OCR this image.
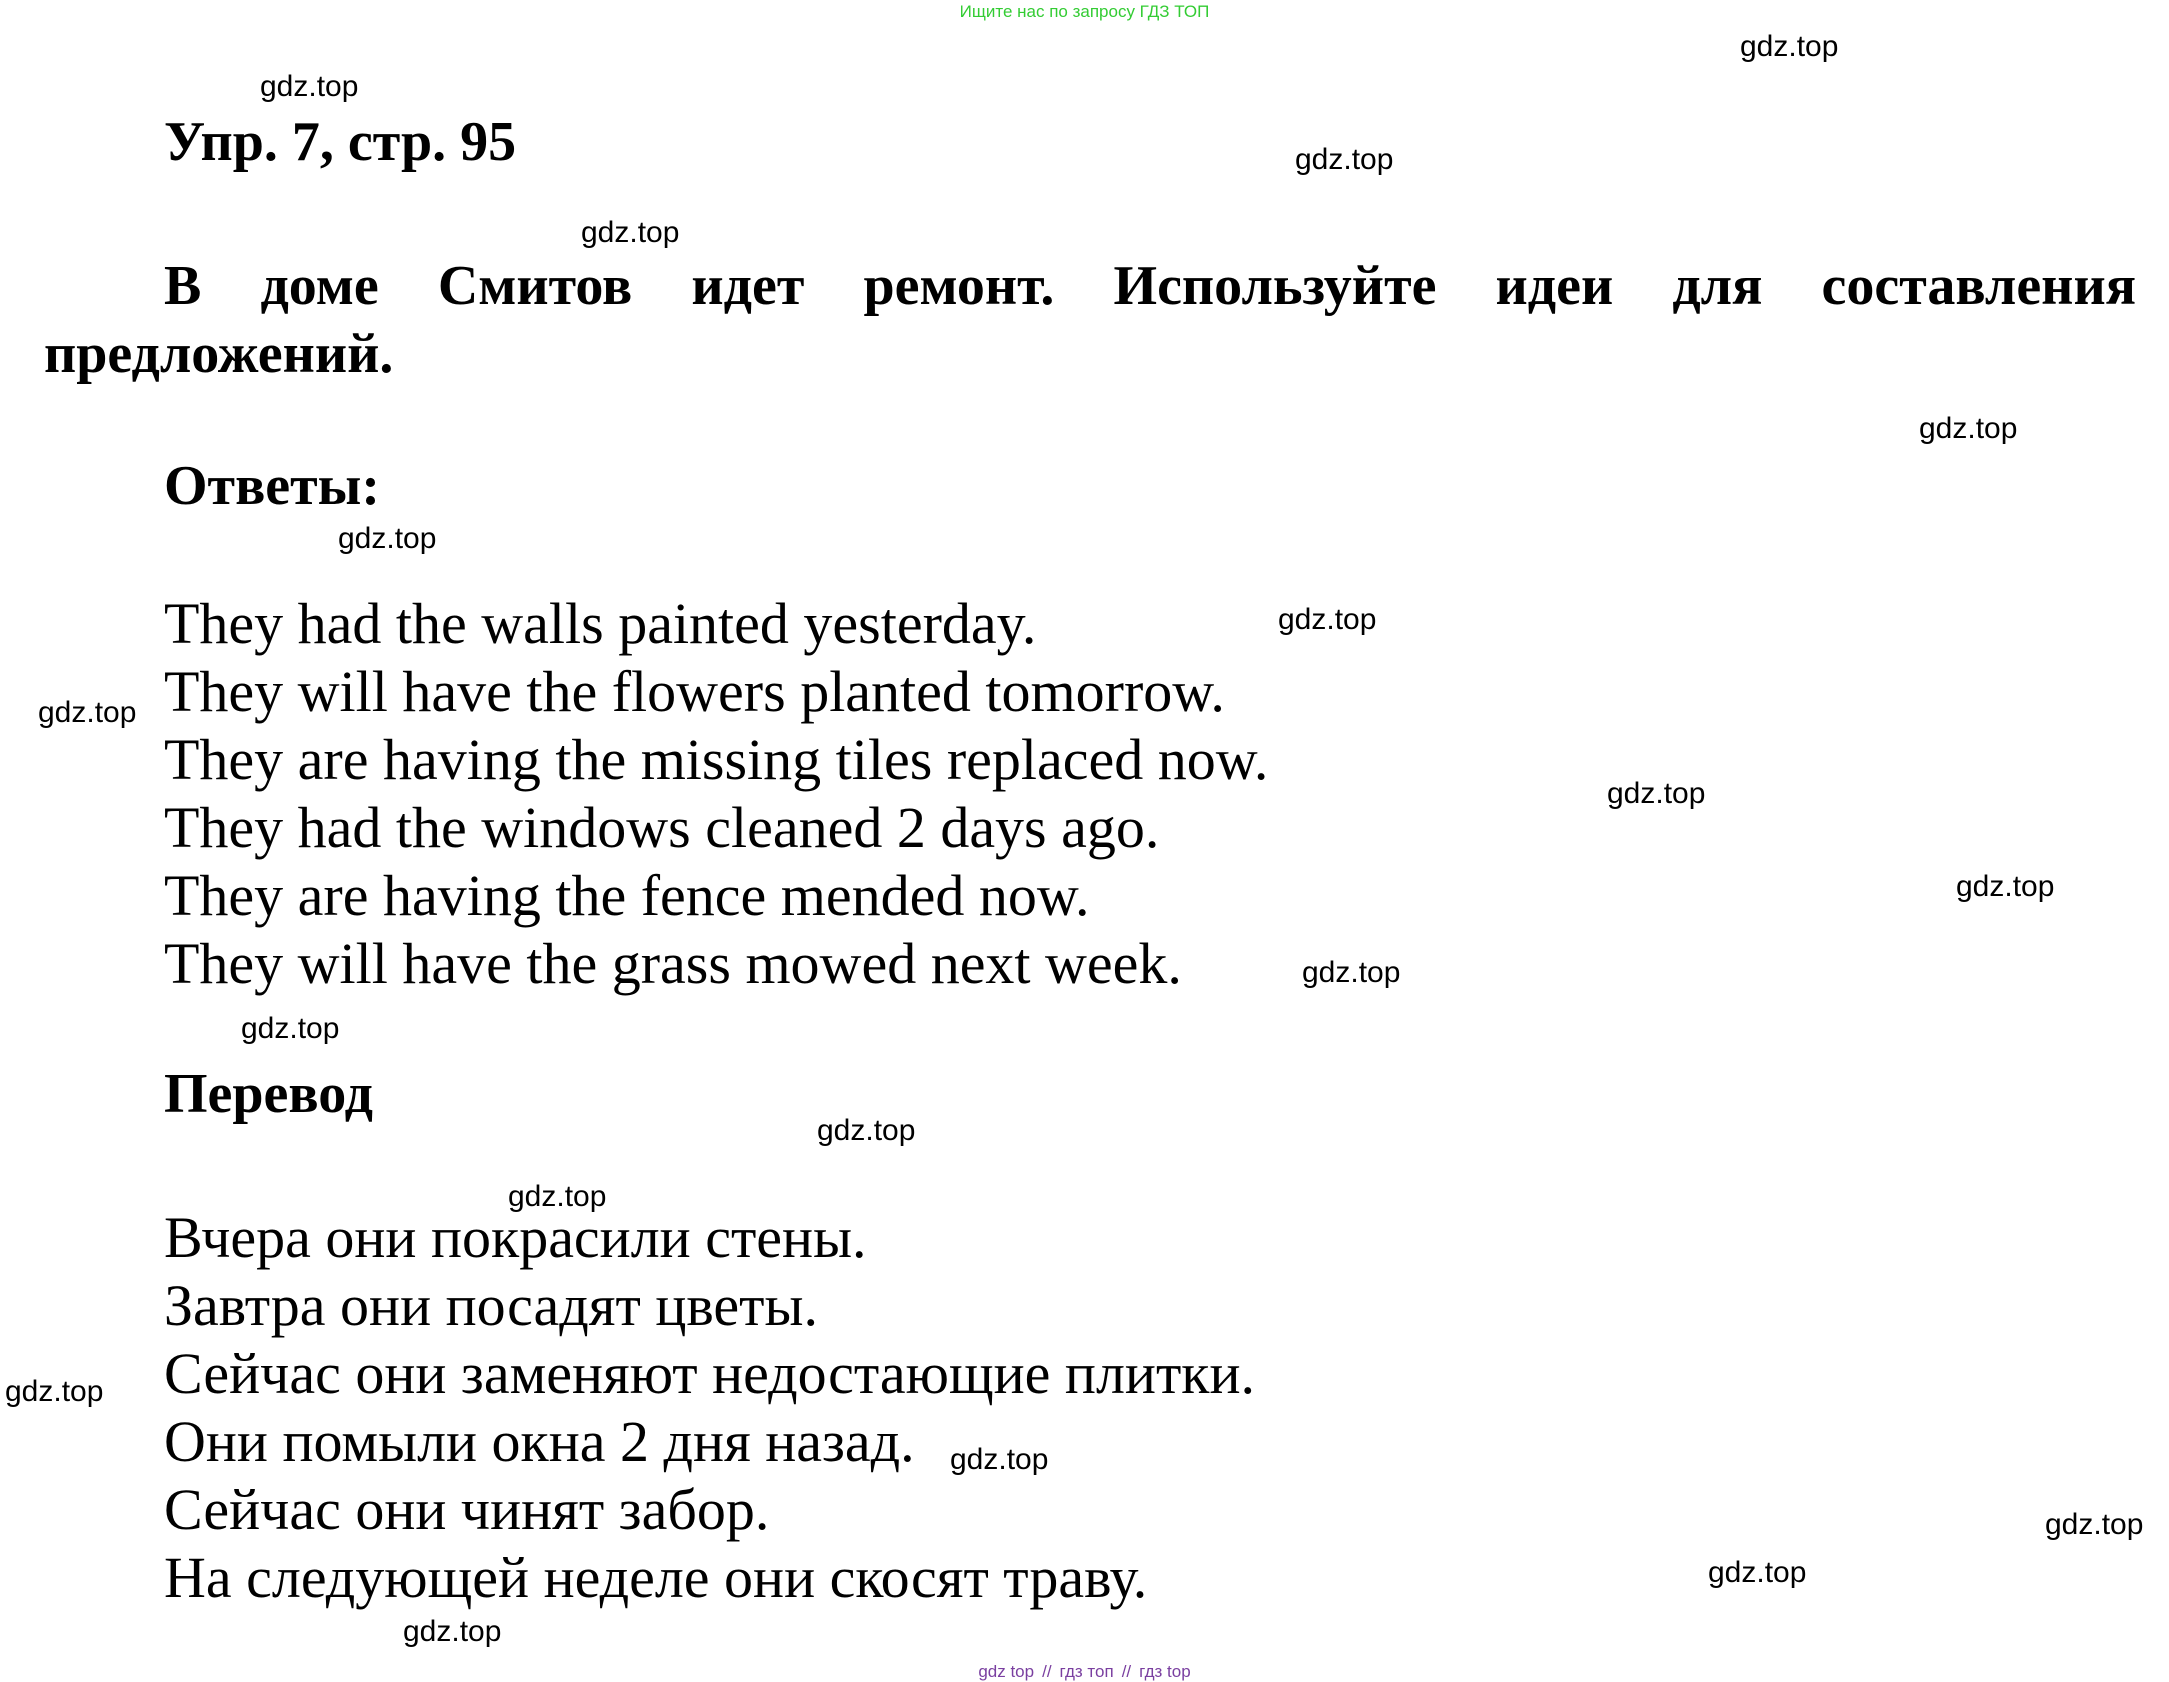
Ищите нас по запросу ГДЗ ТОП
Упр. 7, стр. 95
В доме Смитов идет ремонт. Используйте идеи для составления предложений.
Ответы:
They had the walls painted yesterday.
They will have the flowers planted tomorrow.
They are having the missing tiles replaced now.
They had the windows cleaned 2 days ago.
They are having the fence mended now.
They will have the grass mowed next week.
Перевод
Вчера они покрасили стены.
Завтра они посадят цветы.
Сейчас они заменяют недостающие плитки.
Они помыли окна 2 дня назад.
Сейчас они чинят забор.
На следующей неделе они скосят траву.
gdz.top
gdz.top
gdz.top
gdz.top
gdz.top
gdz.top
gdz.top
gdz.top
gdz.top
gdz.top
gdz.top
gdz.top
gdz.top
gdz.top
gdz.top
gdz.top
gdz.top
gdz.top
gdz.top
gdz top // гдз топ // гдз top
